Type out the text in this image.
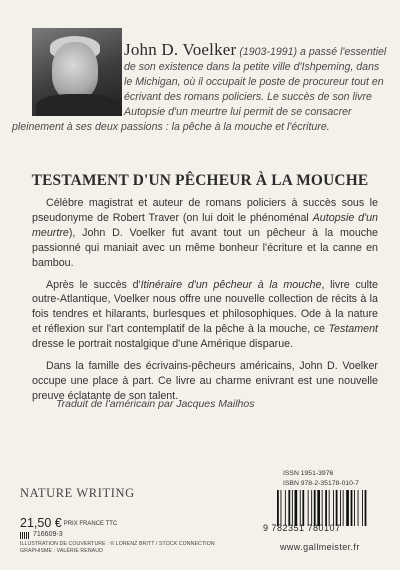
John D. Voelker (1903-1991) a passé l'essentiel de son existence dans la petite ville d'Ishpeming, dans le Michigan, où il occupait le poste de procureur tout en écrivant des romans policiers. Le succès de son livre Autopsie d'un meurtre lui permit de se consacrer pleinement à ses deux passions : la pêche à la mouche et l'écriture.
TESTAMENT D'UN PÊCHEUR À LA MOUCHE

Célèbre magistrat et auteur de romans policiers à succès sous le pseudonyme de Robert Traver (on lui doit le phénoménal Autopsie d'un meurtre), John D. Voelker fut avant tout un pêcheur à la mouche passionné qui maniait avec un même bonheur l'écriture et la canne en bambou.

Après le succès d'Itinéraire d'un pêcheur à la mouche, livre culte outre-Atlantique, Voelker nous offre une nouvelle collection de récits à la fois tendres et hilarants, burlesques et philosophiques. Ode à la nature et réflexion sur l'art contemplatif de la pêche à la mouche, ce Testament dresse le portrait nostalgique d'une Amérique disparue.

Dans la famille des écrivains-pêcheurs américains, John D. Voelker occupe une place à part. Ce livre au charme enivrant est une nouvelle preuve éclatante de son talent.

Traduit de l'américain par Jacques Mailhos
NATURE WRITING
ISSN 1951-3976
ISBN 978-2-35178-010-7
9 782351 780107
21,50 € PRIX FRANCE TTC
716609-3
ILLUSTRATION DE COUVERTURE : © LORENZ BRITT / STOCK CONNECTION
GRAPHISME : VALÉRIE RENAUD	www.gallmeister.fr
